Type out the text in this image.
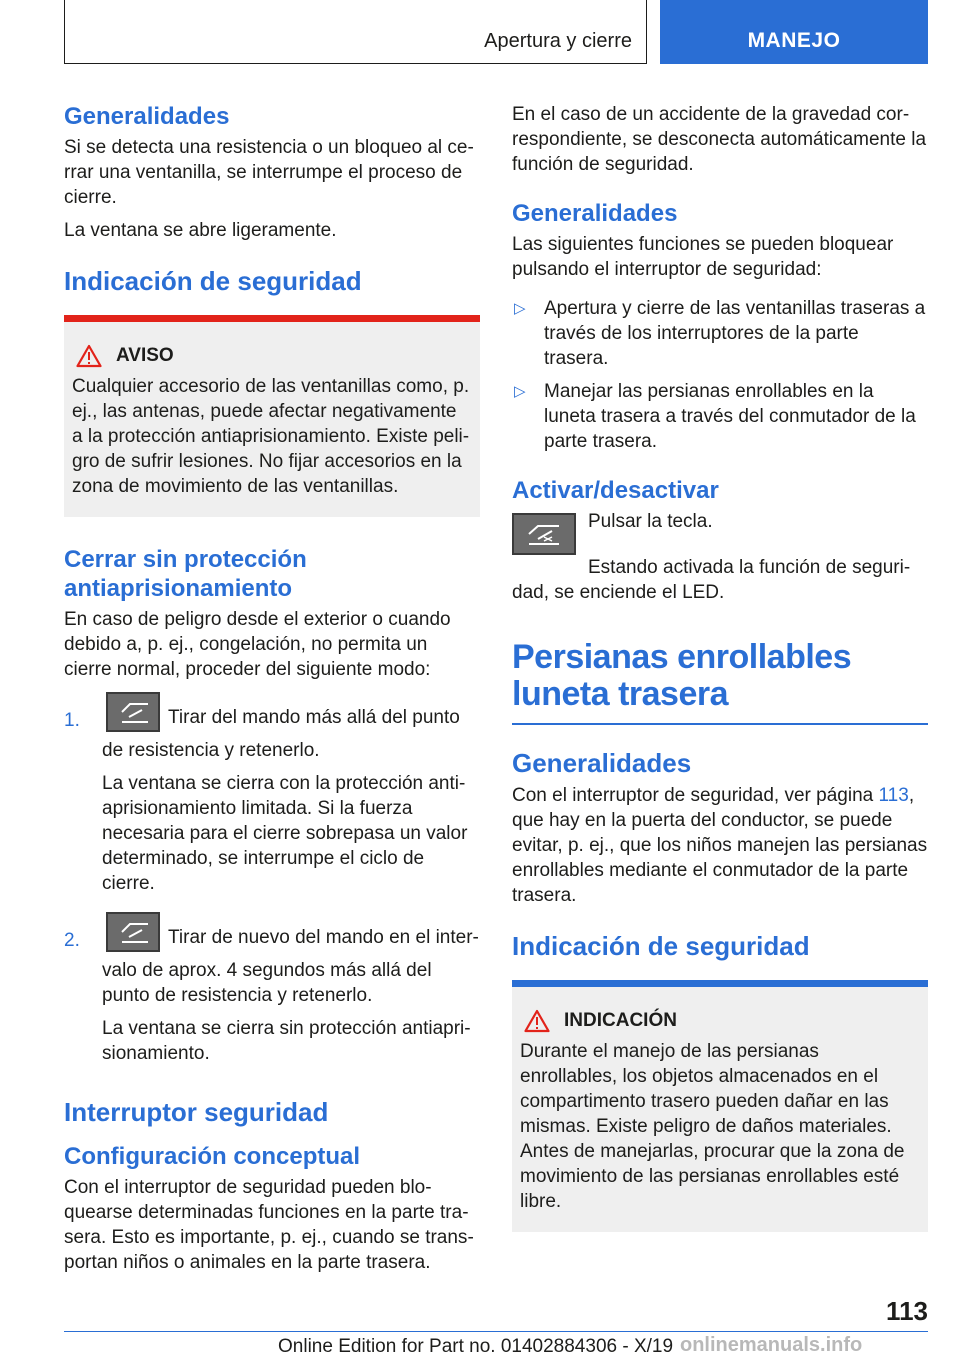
Apertura y cierre	MANEJO
Generalidades

Si se detecta una resistencia o un bloqueo al cerrar una ventanilla, se interrumpe el proceso de cierre.

La ventana se abre ligeramente.

Indicación de seguridad
AVISO

Cualquier accesorio de las ventanillas como, p. ej., las antenas, puede afectar negativamente a la protección antiaprisionamiento. Existe peligro de sufrir lesiones. No fijar accesorios en la zona de movimiento de las ventanillas.

Cerrar sin protección antiaprisionamiento

En caso de peligro desde el exterior o cuando debido a, p. ej., congelación, no permita un cierre normal, proceder del siguiente modo:

1.	Tirar del mando más allá del punto de resistencia y retenerlo.

La ventana se cierra con la protección antiaprisionamiento limitada. Si la fuerza necesaria para el cierre sobrepasa un valor determinado, se interrumpe el ciclo de cierre.

2.	Tirar de nuevo del mando en el intervalo de aprox. 4 segundos más allá del punto de resistencia y retenerlo.

La ventana se cierra sin protección antiaprisionamiento.

Interruptor seguridad
Configuración conceptual

Con el interruptor de seguridad pueden bloquearse determinadas funciones en la parte trasera. Esto es importante, p. ej., cuando se transportan niños o animales en la parte trasera.

En el caso de un accidente de la gravedad correspondiente, se desconecta automáticamente la función de seguridad.

Generalidades

Las siguientes funciones se pueden bloquear pulsando el interruptor de seguridad:

▷ Apertura y cierre de las ventanillas traseras a través de los interruptores de la parte trasera.

▷ Manejar las persianas enrollables en la luneta trasera a través del conmutador de la parte trasera.

Activar/desactivar

Pulsar la tecla.

Estando activada la función de seguridad, se enciende el LED.

Persianas enrollables luneta trasera
Generalidades

Con el interruptor de seguridad, ver página 113, que hay en la puerta del conductor, se puede evitar, p. ej., que los niños manejen las persianas enrollables mediante el conmutador de la parte trasera.

Indicación de seguridad
INDICACIÓN

Durante el manejo de las persianas enrollables, los objetos almacenados en el compartimento trasero pueden dañar en las mismas. Existe peligro de daños materiales. Antes de manejarlas, procurar que la zona de movimiento de las persianas enrollables esté libre.

113
Online Edition for Part no. 01402884306 - X/19 onlinemanuals.info
